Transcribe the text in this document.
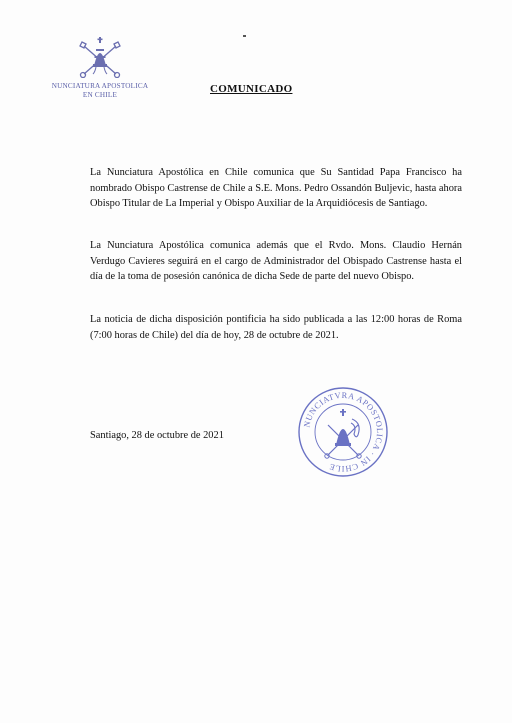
NUNCIATURA APOSTOLICA
EN CHILE	COMUNICADO

La Nunciatura Apostólica en Chile comunica que Su Santidad Papa Francisco ha nombrado Obispo Castrense de Chile a S.E. Mons. Pedro Ossandón Buljevic, hasta ahora Obispo Titular de La Imperial y Obispo Auxiliar de la Arquidiócesis de Santiago.

La Nunciatura Apostólica comunica además que el Rvdo. Mons. Claudio Hernán Verdugo Cavieres seguirá en el cargo de Administrador del Obispado Castrense hasta el día de la toma de posesión canónica de dicha Sede de parte del nuevo Obispo.

La noticia de dicha disposición pontificia ha sido publicada a las 12:00 horas de Roma (7:00 horas de Chile) del día de hoy, 28 de octubre de 2021.

Santiago, 28 de octubre de 2021
NUNCIATVRA APOSTOLICA · IN CHILE
